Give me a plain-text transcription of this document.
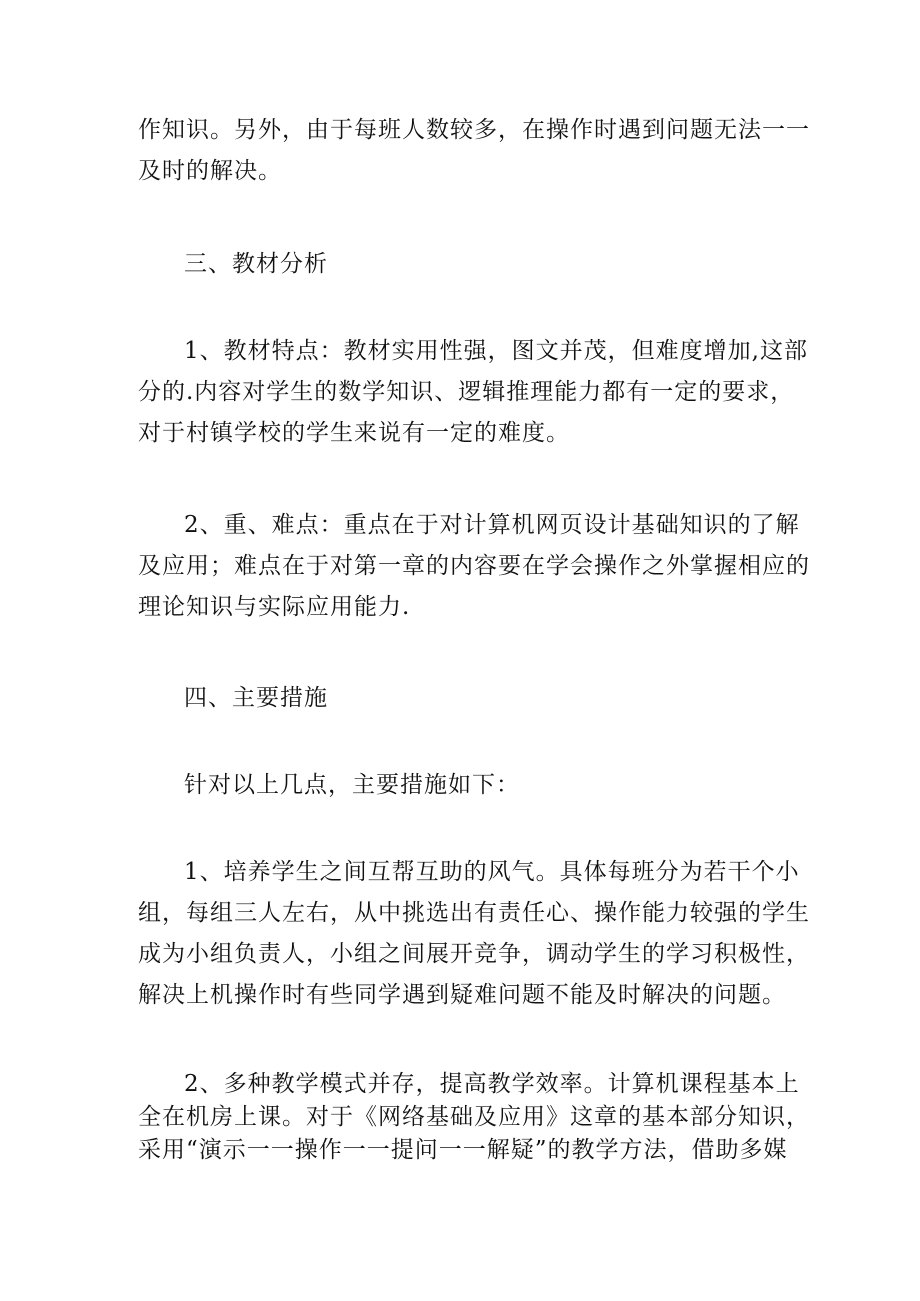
作知识。另外，由于每班人数较多，在操作时遇到问题无法一一
及时的解决。
三、教材分析
1、教材特点：教材实用性强，图文并茂，但难度增加,这部
分的.内容对学生的数学知识、逻辑推理能力都有一定的要求，
对于村镇学校的学生来说有一定的难度。
2、重、难点：重点在于对计算机网页设计基础知识的了解
及应用；难点在于对第一章的内容要在学会操作之外掌握相应的
理论知识与实际应用能力.
四、主要措施
针对以上几点，主要措施如下：
1、培养学生之间互帮互助的风气。具体每班分为若干个小
组，每组三人左右，从中挑选出有责任心、操作能力较强的学生
成为小组负责人，小组之间展开竞争，调动学生的学习积极性，
解决上机操作时有些同学遇到疑难问题不能及时解决的问题。
2、多种教学模式并存，提高教学效率。计算机课程基本上
全在机房上课。对于《网络基础及应用》这章的基本部分知识，
采用“演示一一操作一一提问一一解疑”的教学方法，借助多媒
